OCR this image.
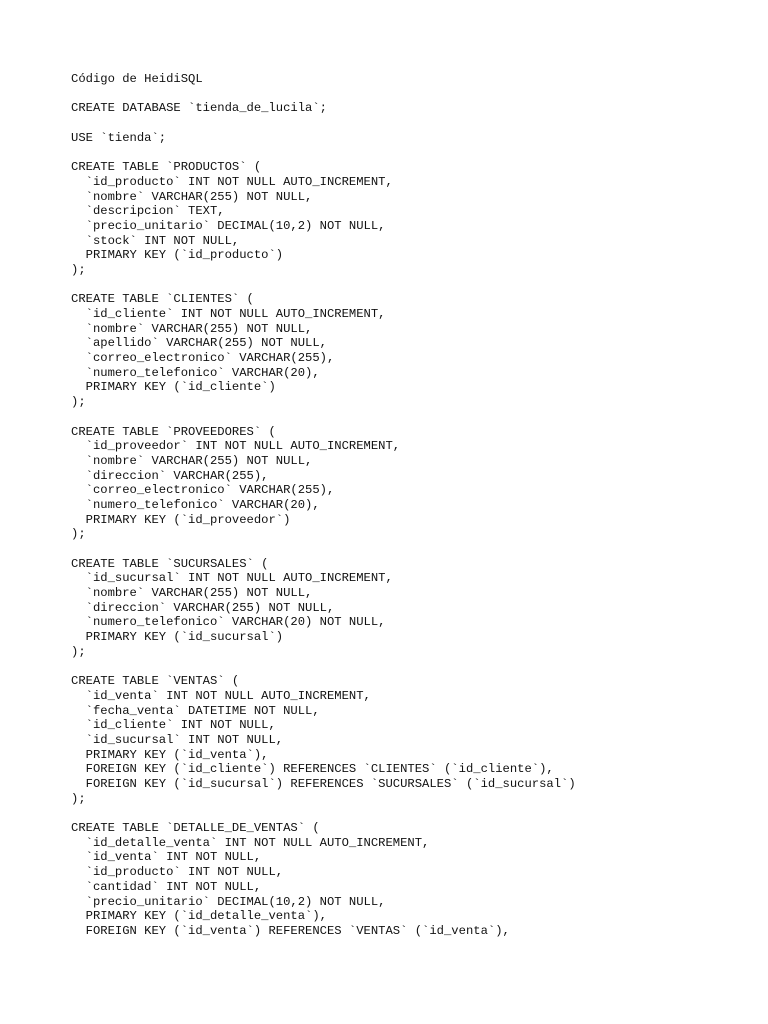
Código de HeidiSQL
CREATE DATABASE `tienda_de_lucila`;
USE `tienda`;
CREATE TABLE `PRODUCTOS` (
`id_producto` INT NOT NULL AUTO_INCREMENT,
`nombre` VARCHAR(255) NOT NULL,
`descripcion` TEXT,
`precio_unitario` DECIMAL(10,2) NOT NULL,
`stock` INT NOT NULL,
PRIMARY KEY (`id_producto`)
);
CREATE TABLE `CLIENTES` (
`id_cliente` INT NOT NULL AUTO_INCREMENT,
`nombre` VARCHAR(255) NOT NULL,
`apellido` VARCHAR(255) NOT NULL,
`correo_electronico` VARCHAR(255),
`numero_telefonico` VARCHAR(20),
PRIMARY KEY (`id_cliente`)
);
CREATE TABLE `PROVEEDORES` (
`id_proveedor` INT NOT NULL AUTO_INCREMENT,
`nombre` VARCHAR(255) NOT NULL,
`direccion` VARCHAR(255),
`correo_electronico` VARCHAR(255),
`numero_telefonico` VARCHAR(20),
PRIMARY KEY (`id_proveedor`)
);
CREATE TABLE `SUCURSALES` (
`id_sucursal` INT NOT NULL AUTO_INCREMENT,
`nombre` VARCHAR(255) NOT NULL,
`direccion` VARCHAR(255) NOT NULL,
`numero_telefonico` VARCHAR(20) NOT NULL,
PRIMARY KEY (`id_sucursal`)
);
CREATE TABLE `VENTAS` (
`id_venta` INT NOT NULL AUTO_INCREMENT,
`fecha_venta` DATETIME NOT NULL,
`id_cliente` INT NOT NULL,
`id_sucursal` INT NOT NULL,
PRIMARY KEY (`id_venta`),
FOREIGN KEY (`id_cliente`) REFERENCES `CLIENTES` (`id_cliente`),
FOREIGN KEY (`id_sucursal`) REFERENCES `SUCURSALES` (`id_sucursal`)
);
CREATE TABLE `DETALLE_DE_VENTAS` (
`id_detalle_venta` INT NOT NULL AUTO_INCREMENT,
`id_venta` INT NOT NULL,
`id_producto` INT NOT NULL,
`cantidad` INT NOT NULL,
`precio_unitario` DECIMAL(10,2) NOT NULL,
PRIMARY KEY (`id_detalle_venta`),
FOREIGN KEY (`id_venta`) REFERENCES `VENTAS` (`id_venta`),
